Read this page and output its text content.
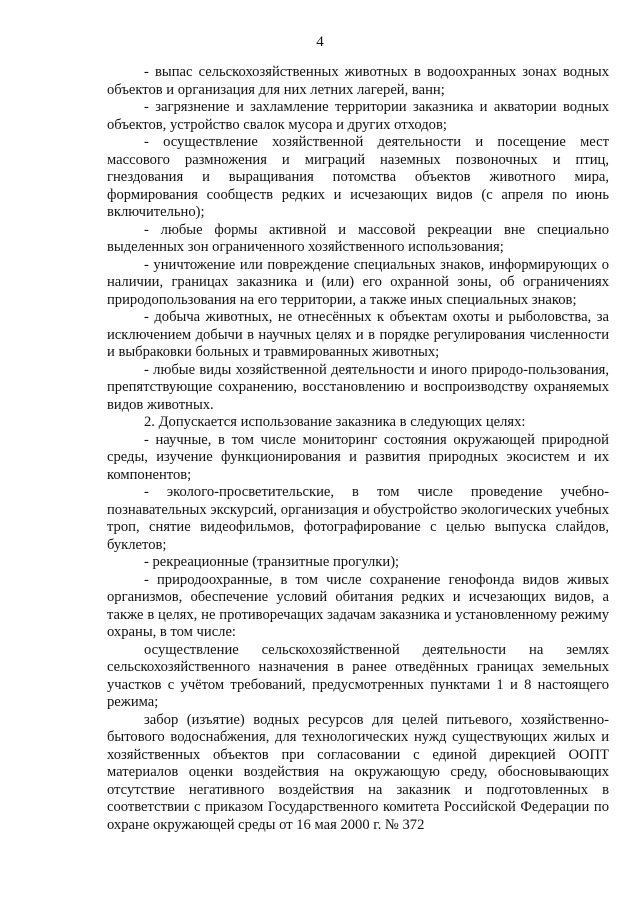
4

- выпас сельскохозяйственных животных в водоохранных зонах водных объектов и организация для них летних лагерей, ванн;

- загрязнение и захламление территории заказника и акватории водных объектов, устройство свалок мусора и других отходов;

- осуществление хозяйственной деятельности и посещение мест массового размножения и миграций наземных позвоночных и птиц, гнездования и выращивания потомства объектов животного мира, формирования сообществ редких и исчезающих видов (с апреля по июнь включительно);

- любые формы активной и массовой рекреации вне специально выделенных зон ограниченного хозяйственного использования;

- уничтожение или повреждение специальных знаков, информирующих о наличии, границах заказника и (или) его охранной зоны, об ограничениях природопользования на его территории, а также иных специальных знаков;

- добыча животных, не отнесённых к объектам охоты и рыболовства, за исключением добычи в научных целях и в порядке регулирования численности и выбраковки больных и травмированных животных;

- любые виды хозяйственной деятельности и иного природо-пользования, препятствующие сохранению, восстановлению и воспроизводству охраняемых видов животных.

2. Допускается использование заказника в следующих целях:

- научные, в том числе мониторинг состояния окружающей природной среды, изучение функционирования и развития природных экосистем и их компонентов;

- эколого-просветительские, в том числе проведение учебно-познавательных экскурсий, организация и обустройство экологических учебных троп, снятие видеофильмов, фотографирование с целью выпуска слайдов, буклетов;

- рекреационные (транзитные прогулки);

- природоохранные, в том числе сохранение генофонда видов живых организмов, обеспечение условий обитания редких и исчезающих видов, а также в целях, не противоречащих задачам заказника и установленному режиму охраны, в том числе:

осуществление сельскохозяйственной деятельности на землях сельскохозяйственного назначения в ранее отведённых границах земельных участков с учётом требований, предусмотренных пунктами 1 и 8 настоящего режима;

забор (изъятие) водных ресурсов для целей питьевого, хозяйственно-бытового водоснабжения, для технологических нужд существующих жилых и хозяйственных объектов при согласовании с единой дирекцией ООПТ материалов оценки воздействия на окружающую среду, обосновывающих отсутствие негативного воздействия на заказник и подготовленных в соответствии с приказом Государственного комитета Российской Федерации по охране окружающей среды от 16 мая 2000 г. № 372
